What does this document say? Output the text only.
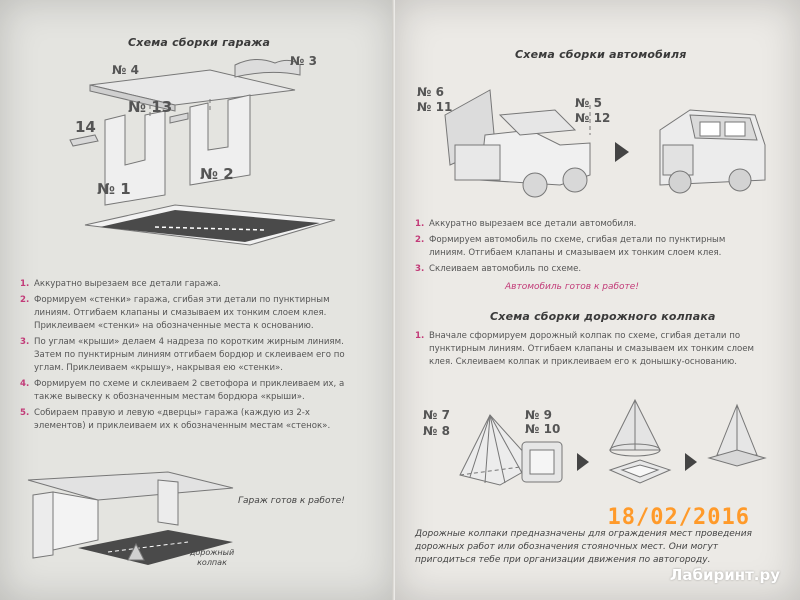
Схема сборки гаража
№ 4
№ 3
№ 13
14
№ 1
№ 2
1. Аккуратно вырезаем все детали гаража.
2. Формируем «стенки» гаража, сгибая эти детали по пунктирным линиям. Отгибаем клапаны и смазываем их тонким слоем клея. Приклеиваем «стенки» на обозначенные места к основанию.
3. По углам «крыши» делаем 4 надреза по коротким жирным линиям. Затем по пунктирным линиям отгибаем бордюр и склеиваем его по углам. Приклеиваем «крышу», накрывая ею «стенки».
4. Формируем по схеме и склеиваем 2 светофора и приклеиваем их, а также вывеску к обозначенным местам бордюра «крыши».
5. Собираем правую и левую «дверцы» гаража (каждую из 2-х элементов) и приклеиваем их к обозначенным местам «стенок».
Гараж готов к работе!
дорожный колпак
Схема сборки автомобиля
№ 6
№ 11	№ 5
№ 12
1. Аккуратно вырезаем все детали автомобиля.
2. Формируем автомобиль по схеме, сгибая детали по пунктирным линиям. Отгибаем клапаны и смазываем их тонким слоем клея.
3. Склеиваем автомобиль по схеме.
Автомобиль готов к работе!
Схема сборки дорожного колпака
1. Вначале сформируем дорожный колпак по схеме, сгибая детали по пунктирным линиям. Отгибаем клапаны и смазываем их тонким слоем клея. Склеиваем колпак и приклеиваем его к донышку-основанию.
№ 7
№ 8
№ 9
№ 10
Дорожные колпаки предназначены для ограждения мест проведения дорожных работ или обозначения стояночных мест. Они могут пригодиться тебе при организации движения по автогороду.
18/02/2016
Лабиринт.ру
